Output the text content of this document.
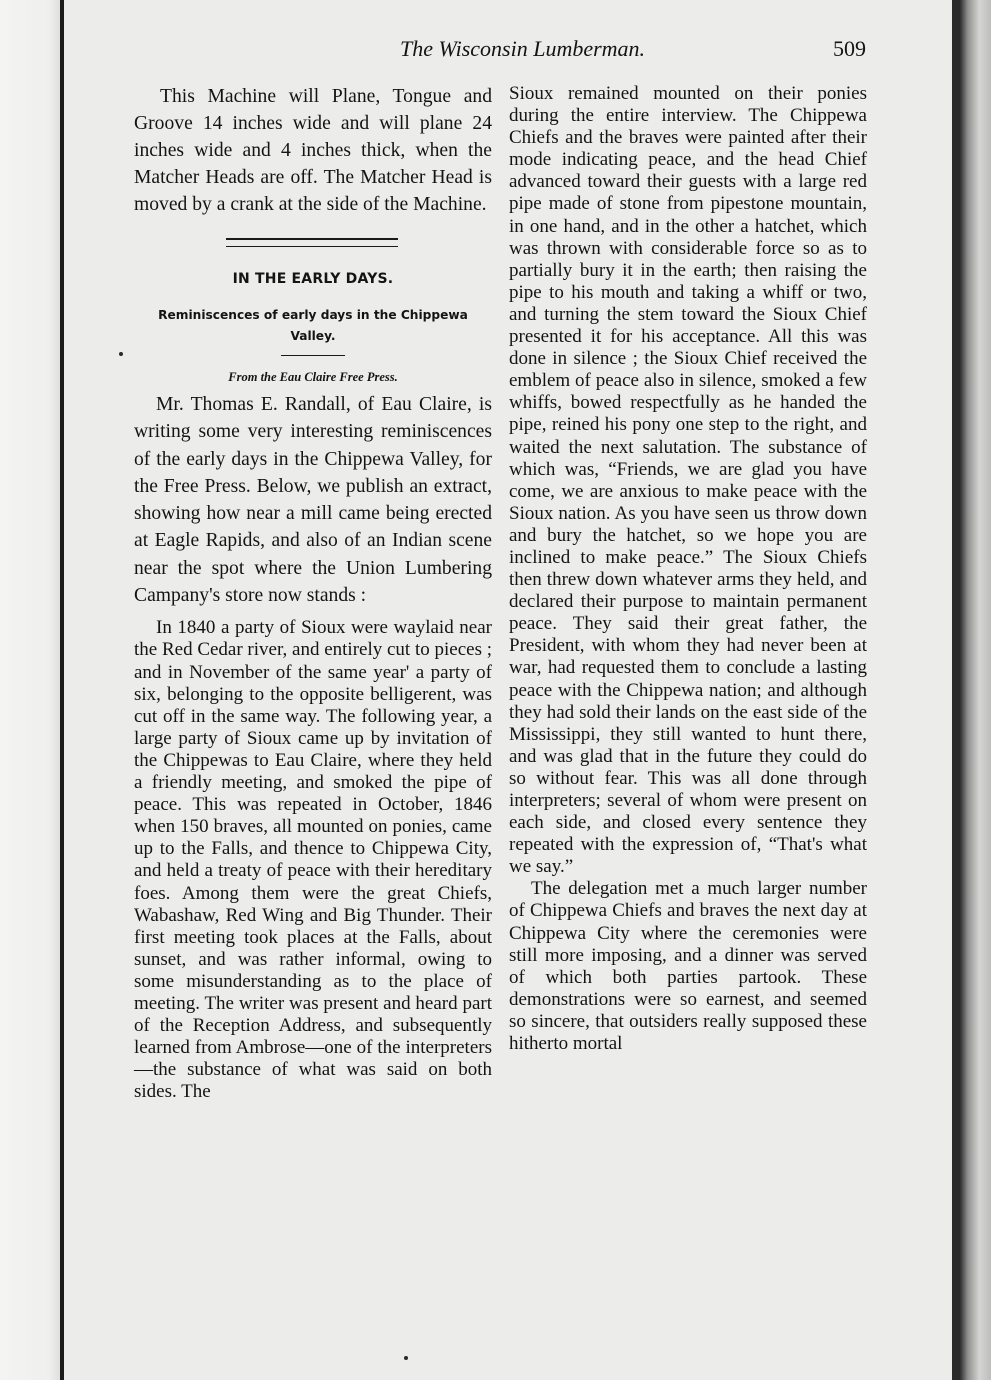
The Wisconsin Lumberman.	509

This Machine will Plane, Tongue and Groove 14 inches wide and will plane 24 inches wide and 4 inches thick, when the Matcher Heads are off. The Matcher Head is moved by a crank at the side of the Machine.

IN THE EARLY DAYS.
Reminiscences of early days in the Chippewa Valley.
From the Eau Claire Free Press.

Mr. Thomas E. Randall, of Eau Claire, is writing some very interesting reminiscences of the early days in the Chippewa Valley, for the Free Press. Below, we publish an extract, showing how near a mill came being erected at Eagle Rapids, and also of an Indian scene near the spot where the Union Lumbering Campany's store now stands :

In 1840 a party of Sioux were waylaid near the Red Cedar river, and entirely cut to pieces ; and in November of the same year' a party of six, belonging to the opposite belligerent, was cut off in the same way. The following year, a large party of Sioux came up by invitation of the Chippewas to Eau Claire, where they held a friendly meeting, and smoked the pipe of peace. This was repeated in October, 1846 when 150 braves, all mounted on ponies, came up to the Falls, and thence to Chippewa City, and held a treaty of peace with their hereditary foes. Among them were the great Chiefs, Wabashaw, Red Wing and Big Thunder. Their first meeting took places at the Falls, about sunset, and was rather informal, owing to some misunderstanding as to the place of meeting. The writer was present and heard part of the Reception Address, and subsequently learned from Ambrose—one of the interpreters—the substance of what was said on both sides. The

Sioux remained mounted on their ponies during the entire interview. The Chippewa Chiefs and the braves were painted after their mode indicating peace, and the head Chief advanced toward their guests with a large red pipe made of stone from pipestone mountain, in one hand, and in the other a hatchet, which was thrown with considerable force so as to partially bury it in the earth; then raising the pipe to his mouth and taking a whiff or two, and turning the stem toward the Sioux Chief presented it for his acceptance. All this was done in silence ; the Sioux Chief received the emblem of peace also in silence, smoked a few whiffs, bowed respectfully as he handed the pipe, reined his pony one step to the right, and waited the next salutation. The substance of which was, “Friends, we are glad you have come, we are anxious to make peace with the Sioux nation. As you have seen us throw down and bury the hatchet, so we hope you are inclined to make peace.” The Sioux Chiefs then threw down whatever arms they held, and declared their purpose to maintain permanent peace. They said their great father, the President, with whom they had never been at war, had requested them to conclude a lasting peace with the Chippewa nation; and although they had sold their lands on the east side of the Mississippi, they still wanted to hunt there, and was glad that in the future they could do so without fear. This was all done through interpreters; several of whom were present on each side, and closed every sentence they repeated with the expression of, “That's what we say.”

The delegation met a much larger number of Chippewa Chiefs and braves the next day at Chippewa City where the ceremonies were still more imposing, and a dinner was served of which both parties partook. These demonstrations were so earnest, and seemed so sincere, that outsiders really supposed these hitherto mortal
